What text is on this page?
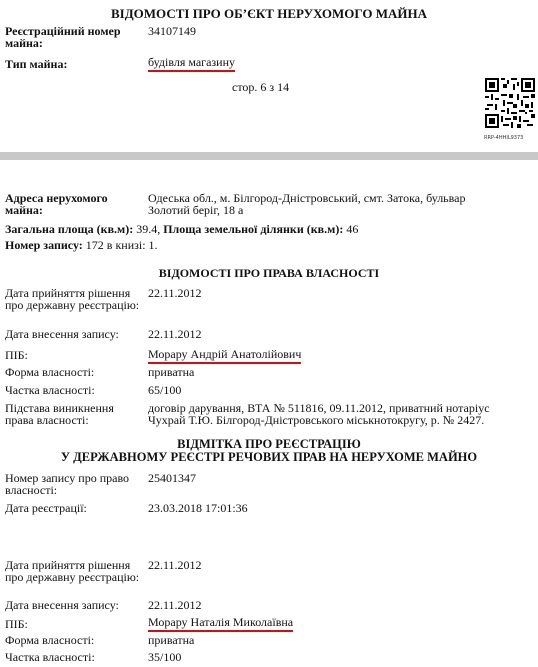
ВІДОМОСТІ ПРО ОБ’ЄКТ НЕРУХОМОГО МАЙНА
Реєстраційний номер майна:
34107149
Тип майна:	будівля магазину
стор. 6 з 14
RRP-4HHIL9373
Адреса нерухомого майна:
Одеська обл., м. Білгород-Дністровський, смт. Затока, бульвар Золотий беріг, 18 а
Загальна площа (кв.м): 39.4, Площа земельної ділянки (кв.м): 46
Номер запису: 172 в книзі: 1.
ВІДОМОСТІ ПРО ПРАВА ВЛАСНОСТІ
Дата прийняття рішення про державну реєстрацію:
22.11.2012
Дата внесення запису:	22.11.2012
ПІБ:	Морару Андрій Анатолійович
Форма власності:	приватна
Частка власності:	65/100
Підстава виникнення права власності:
договір дарування, ВТА № 511816, 09.11.2012, приватний нотаріус Чухрай Т.Ю. Білгород-Дністровського міськнотокругу, р. № 2427.
ВІДМІТКА ПРО РЕЄСТРАЦІЮ
У ДЕРЖАВНОМУ РЕЄСТРІ РЕЧОВИХ ПРАВ НА НЕРУХОМЕ МАЙНО
Номер запису про право власності:
25401347
Дата реєстрації:	23.03.2018 17:01:36
Дата прийняття рішення про державну реєстрацію:
22.11.2012
Дата внесення запису:	22.11.2012
ПІБ:	Морару Наталія Миколаївна
Форма власності:	приватна
Частка власності:	35/100
